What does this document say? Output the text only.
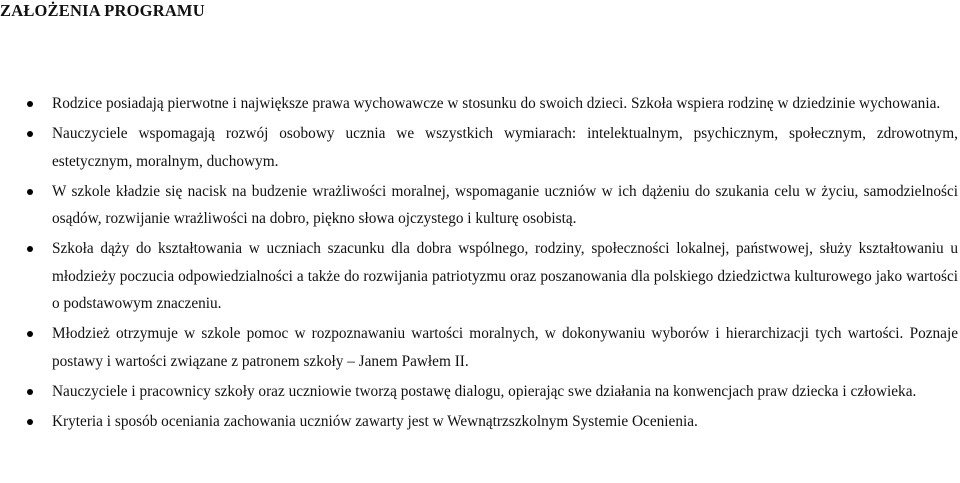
ZAŁOŻENIA PROGRAMU
Rodzice posiadają pierwotne i największe prawa wychowawcze w stosunku do swoich dzieci. Szkoła wspiera rodzinę w dziedzinie wychowania.
Nauczyciele wspomagają rozwój osobowy ucznia we wszystkich wymiarach: intelektualnym, psychicznym, społecznym, zdrowotnym, estetycznym, moralnym, duchowym.
W szkole kładzie się nacisk na budzenie wrażliwości moralnej, wspomaganie uczniów w ich dążeniu do szukania celu w życiu, samodzielności osądów, rozwijanie wrażliwości na dobro, piękno słowa ojczystego i kulturę osobistą.
Szkoła dąży do kształtowania w uczniach szacunku dla dobra wspólnego, rodziny, społeczności lokalnej, państwowej, służy kształtowaniu u młodzieży poczucia odpowiedzialności a także do rozwijania patriotyzmu oraz poszanowania dla polskiego dziedzictwa kulturowego jako wartości o podstawowym znaczeniu.
Młodzież otrzymuje w szkole pomoc w rozpoznawaniu wartości moralnych, w dokonywaniu wyborów i hierarchizacji tych wartości. Poznaje postawy i wartości związane z patronem szkoły – Janem Pawłem II.
Nauczyciele i pracownicy szkoły oraz uczniowie tworzą postawę dialogu, opierając swe działania na konwencjach praw dziecka i człowieka.
Kryteria i sposób oceniania zachowania uczniów zawarty jest w Wewnątrzszkolnym Systemie Ocenienia.
